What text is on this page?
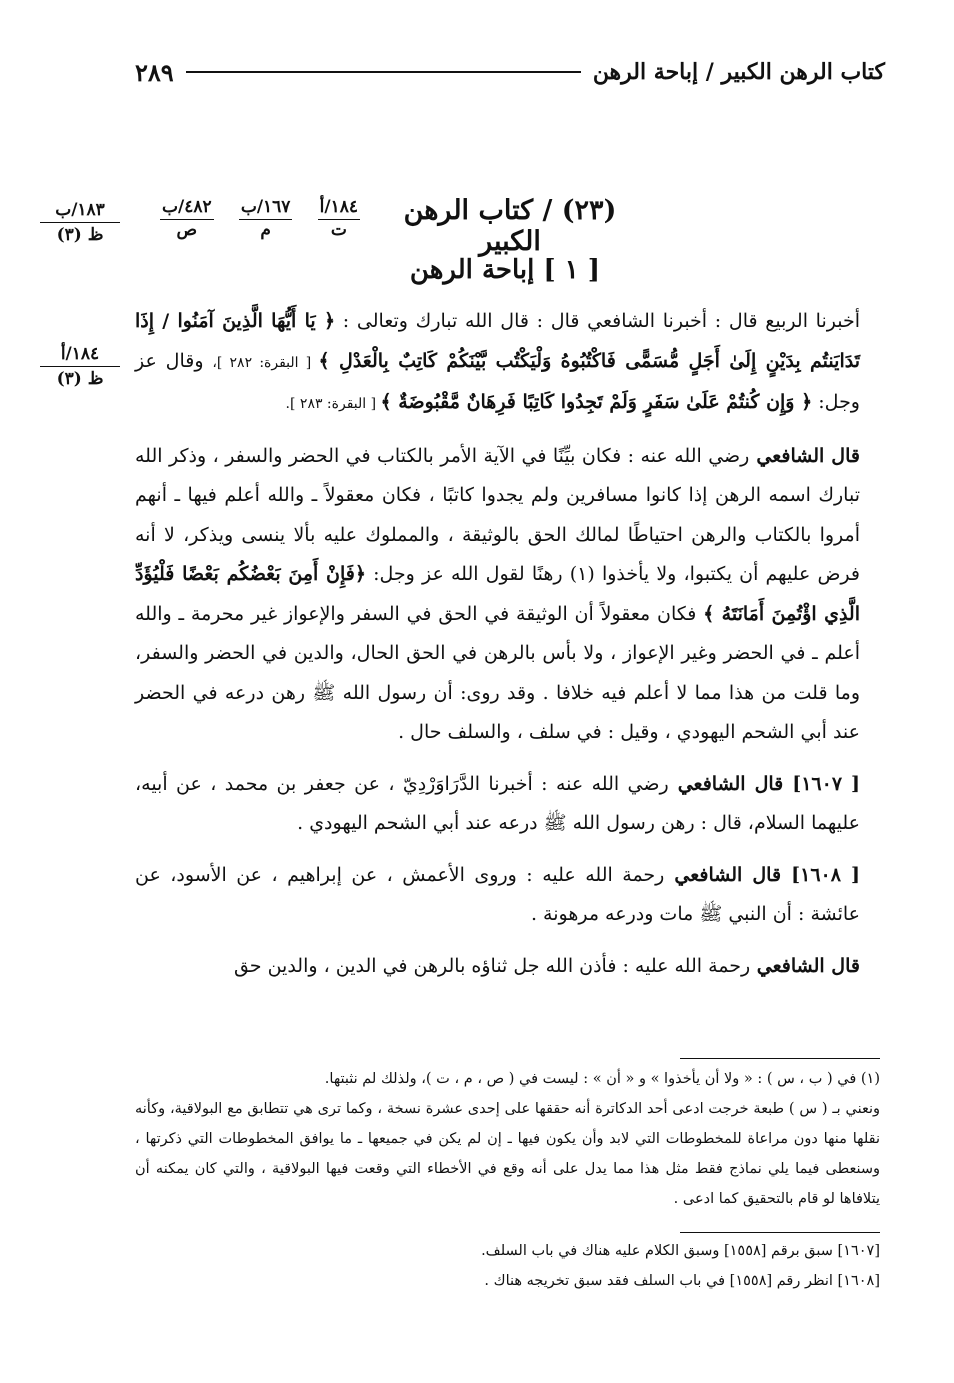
كتاب الرهن الكبير / إباحة الرهن
٢٨٩
١٨٣/ب
ظ (٣)
١٨٤/أ
ت
١٦٧/ب
م
٤٨٢/ب
ص
(٢٣) / كتاب الرهن الكبير
[ ١ ] إباحة الرهن
١٨٤/أ
ظ (٣)

أخبرنا الربيع قال : أخبرنا الشافعي قال : قال الله تبارك وتعالى : ﴿ يَا أَيُّهَا الَّذِينَ آمَنُوا / إِذَا تَدَايَنتُم بِدَيْنٍ إِلَىٰ أَجَلٍ مُّسَمًّى فَاكْتُبُوهُ وَلْيَكْتُب بَّيْنَكُمْ كَاتِبٌ بِالْعَدْلِ ﴾ [ البقرة: ٢٨٢ ]، وقال عز وجل: ﴿ وَإِن كُنتُمْ عَلَىٰ سَفَرٍ وَلَمْ تَجِدُوا كَاتِبًا فَرِهَانٌ مَّقْبُوضَةٌ ﴾ [ البقرة: ٢٨٣ ].

قال الشافعي رضي الله عنه : فكان بيِّنًا في الآية الأمر بالكتاب في الحضر والسفر ، وذكر الله تبارك اسمه الرهن إذا كانوا مسافرين ولم يجدوا كاتبًا ، فكان معقولاً ـ والله أعلم فيها ـ أنهم أمروا بالكتاب والرهن احتياطًا لمالك الحق بالوثيقة ، والمملوك عليه بألا ينسى ويذكر، لا أنه فرض عليهم أن يكتبوا، ولا يأخذوا (١) رهنًا لقول الله عز وجل: ﴿فَإِنْ أَمِنَ بَعْضُكُم بَعْضًا فَلْيُؤَدِّ الَّذِي اؤْتُمِنَ أَمَانَتَهُ ﴾ فكان معقولاً أن الوثيقة في الحق في السفر والإعواز غير محرمة ـ والله أعلم ـ في الحضر وغير الإعواز ، ولا بأس بالرهن في الحق الحال، والدين في الحضر والسفر، وما قلت من هذا مما لا أعلم فيه خلافا . وقد روى: أن رسول الله ﷺ رهن درعه في الحضر عند أبي الشحم اليهودي ، وقيل : في سلف ، والسلف حال .

[ ١٦٠٧] قال الشافعي رضي الله عنه : أخبرنا الدَّرَاوَرْدِيّ ، عن جعفر بن محمد ، عن أبيه، عليهما السلام، قال : رهن رسول الله ﷺ درعه عند أبي الشحم اليهودي .

[ ١٦٠٨] قال الشافعي رحمة الله عليه : وروى الأعمش ، عن إبراهيم ، عن الأسود، عن عائشة : أن النبي ﷺ مات ودرعه مرهونة .

قال الشافعي رحمة الله عليه : فأذن الله جل ثناؤه بالرهن في الدين ، والدين حق

(١) في ( ب ، س ) : « ولا أن يأخذوا » و « أن » : ليست في ( ص ، م ، ت )، ولذلك لم نثبتها.

ونعني بـ ( س ) طبعة خرجت ادعى أحد الدكاترة أنه حققها على إحدى عشرة نسخة ، وكما ترى هي تتطابق مع البولاقية، وكأنه نقلها منها دون مراعاة للمخطوطات التي لابد وأن يكون فيها ـ إن لم يكن في جميعها ـ ما يوافق المخطوطات التي ذكرتها ، وسنعطى فيما يلي نماذج فقط مثل هذا مما يدل على أنه وقع في الأخطاء التي وقعت فيها البولاقية ، والتي كان يمكنه أن يتلافاها لو قام بالتحقيق كما ادعى .

[١٦٠٧] سبق برقم [١٥٥٨] وسبق الكلام عليه هناك في باب السلف.

[١٦٠٨] انظر رقم [١٥٥٨] في باب السلف فقد سبق تخريجه هناك .
